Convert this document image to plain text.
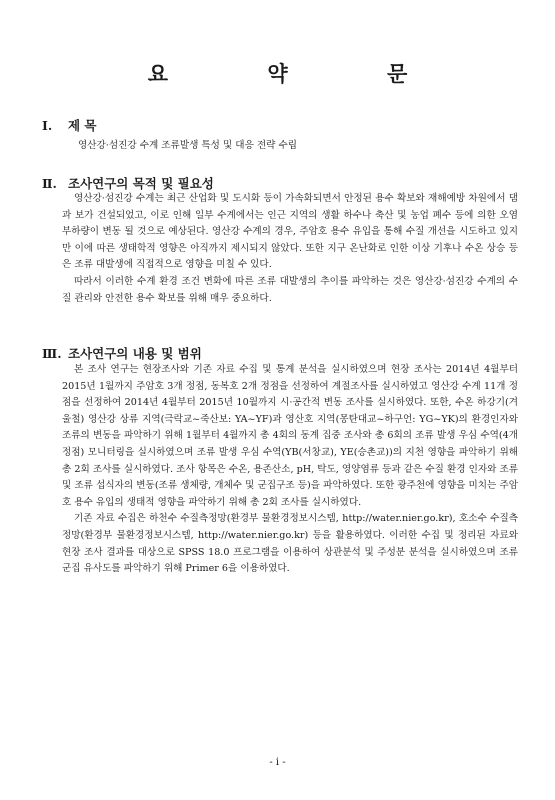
요 약 문
Ⅰ. 제 목
영산강·섬진강 수계 조류발생 특성 및 대응 전략 수립
Ⅱ. 조사연구의 목적 및 필요성

영산강·섬진강 수계는 최근 산업화 및 도시화 등이 가속화되면서 안정된 용수 확보와 재해예방 차원에서 댐과 보가 건설되었고, 이로 인해 일부 수계에서는 인근 지역의 생활 하수나 축산 및 농업 폐수 등에 의한 오염 부하량이 변동 될 것으로 예상된다. 영산강 수계의 경우, 주암호 용수 유입을 통해 수질 개선을 시도하고 있지만 이에 따른 생태학적 영향은 아직까지 제시되지 않았다. 또한 지구 온난화로 인한 이상 기후나 수온 상승 등은 조류 대발생에 직접적으로 영향을 미칠 수 있다.

따라서 이러한 수계 환경 조건 변화에 따른 조류 대발생의 추이를 파악하는 것은 영산강·섬진강 수계의 수질 관리와 안전한 용수 확보를 위해 매우 중요하다.

Ⅲ. 조사연구의 내용 및 범위

본 조사 연구는 현장조사와 기존 자료 수집 및 통계 분석을 실시하였으며 현장 조사는 2014년 4월부터 2015년 1월까지 주암호 3개 정점, 동복호 2개 정점을 선정하여 계절조사를 실시하였고 영산강 수계 11개 정점을 선정하여 2014년 4월부터 2015년 10월까지 시·공간적 변동 조사를 실시하였다. 또한, 수온 하강기(겨울철) 영산강 상류 지역(극락교~죽산보: YA~YF)과 영산호 지역(몽탄대교~하구언: YG~YK)의 환경인자와 조류의 변동을 파악하기 위해 1월부터 4월까지 총 4회의 동계 집중 조사와 총 6회의 조류 발생 우심 수역(4개 정점) 모니터링을 실시하였으며 조류 발생 우심 수역(YB(서창교), YE(승촌교))의 지천 영향을 파악하기 위해 총 2회 조사를 실시하였다. 조사 항목은 수온, 용존산소, pH, 탁도, 영양염류 등과 같은 수질 환경 인자와 조류 및 조류 섭식자의 변동(조류 생체량, 개체수 및 군집구조 등)을 파악하였다. 또한 광주천에 영향을 미치는 주암호 용수 유입의 생태적 영향을 파악하기 위해 총 2회 조사를 실시하였다.

기존 자료 수집은 하천수 수질측정망(환경부 물환경정보시스템, http://water.nier.go.kr), 호소수 수질측정망(환경부 물환경정보시스템, http://water.nier.go.kr) 등을 활용하였다. 이러한 수집 및 정리된 자료와 현장 조사 결과를 대상으로 SPSS 18.0 프로그램을 이용하여 상관분석 및 주성분 분석을 실시하였으며 조류 군집 유사도를 파악하기 위해 Primer 6을 이용하였다.

- i -
